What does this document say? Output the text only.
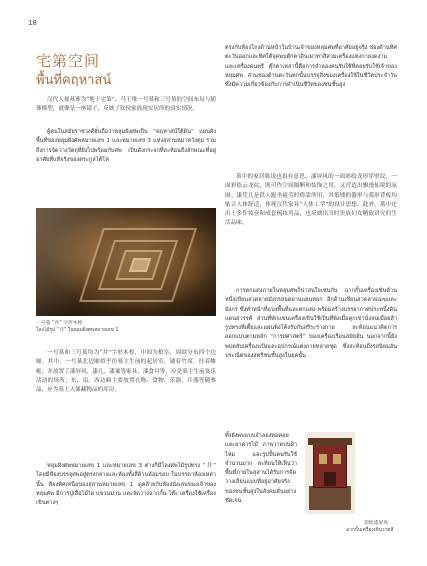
18
宅第空间
พื้นที่คฤหาสน์

汉代人视墓葬为“地下宅第”，马王堆一号墓和三号墓的空间布局与随葬模型，就像是一座镜子，反映了钦侯家族现实居所的真实情况。

ผู้คนในสมัยราชวงศ์ฮั่นถือว่าหลุมฝังศพเป็น “คฤหาสน์ใต้ดิน” แผนผังพื้นที่ของหลุมฝังศพหมายเลข 1 และหมายเลข 3 แห่งสุสานหม่าหวังตุย รวมถึงการจัดวางวัตถุที่ฝังไปพร้อมกับศพ เป็นดั่งกระจกที่สะท้อนถึงลักษณะที่อยู่อาศัยที่แท้จริงของตระกูลไต้โห

一号墓 “井” 字形木椁
โลงไม้รูป “井” ในหลุมฝังศพหมายเลข 1

一号墓和三号墓均为“井”字形木椁，中间为棺室，周围分布四个边厢。其中，一号墓北边厢似乎仿墓主生前的起居室，铺着竹席，挂着帷帐，并放置了漆屏风、漆几、漆案等家具，漆食具等，应是墓主生前宴乐活动的场所；东、南、西边厢主要放置衣物、食物、乐器、兵器等随葬品，应为墓主人储藏物品的库房。

หลุมฝังศพหมายเลข 1 และหมายเลข 3 ต่างก็มีโลงศพไม้รูปทรง “井” โดยมีห้องบรรจุศพอยู่ตรงกลางและห้องทั้งสี่ด้านล้อมรอบ ในบรรดาห้องเหล่านั้น ห้องทิศเหนือของสุสานหมายเลข 1 ดูคล้ายกับห้องนั่งเล่นของเจ้าของหลุมศพ มีการปูเสื่อไม้ไผ่ แขวนม่าน และจัดวางฉากกั้น โต๊ะ เครื่องใช้เครื่องเขินต่างๆ

ตรงกับห้องโถงด้านหน้าในบ้านเจ้าของหลุมศพที่อาศัยอยู่จริง ช่องด้านทิศตะวันออกและทิศใต้จุดพบตุ๊กตาดินเผาทาสีสวมเครื่องแต่งกายงดงามและเครื่องดนตรี ตุ๊กตาเหล่านี้คือการจำลองคนรับใช้ที่คอยรับใช้เจ้าของหลุมศพ ส่วนช่องด้านตะวันตกนั้นบรรจุสิ่งของเครื่องใช้ในชีวิตประจำวัน ซึ่งมีความเกี่ยวข้องกับการดำเนินชีวิตของชนชั้นสูง

墓中的家居陈设也很有意思。漆屏风的一面彩绘龙形穿壁纹，一面彩绘云龙纹，既可作空间隔断和装饰之用，又营造出飘逸仙境的氛围；漆凭几是供人跪坐疲劳时倚靠所用，其低矮的器形与弧形背板均贴合人体舒适，体现汉代家具“人体工学”的设计思想。此外，墓中还出土多件妆奁和成套梳妆用品，也反映出当时贵族妇女精致讲究的生活品味。

การตกแต่งภายในหลุมศพก็น่าสนใจเช่นกัน ฉากกั้นเครื่องเขินด้านหนึ่งเขียนลวดลายมังกรสอดผ่านแผ่นหยก อีกด้านเขียนลวดลายเมฆและมังกร ซึ่งทำหน้าที่แบ่งพื้นที่และตกแต่ง พร้อมสร้างบรรยากาศประหนึ่งดินแดนสวรรค์ ส่วนที่พักแขนเครื่องเขินใช้เป็นที่พิงเมื่อคุกเข่านั่งจนเมื่อยล้า รูปทรงที่เตี้ยและแผ่นพิงโค้งรับกับสรีระร่างกาย สะท้อนแนวคิดการออกแบบตามหลัก “การยศาสตร์” ของเครื่องเรือนสมัยฮั่น นอกจากนี้ยังพบตลับเครื่องแป้งและอุปกรณ์แต่งกายหลายชุด ซึ่งสะท้อนถึงรสนิยมอันประณีตของสตรีชนชั้นสูงในยุคนั้น

ทั้งยังพบแบบจำลองหอคอยและอาคารไม้ ภาพวาดบนผ้าไหม และรูปปั้นคนรับใช้จำนวนมาก สะท้อนให้เห็นว่าพื้นที่ภายในสุสานได้รับการจัดวางเลียนแบบที่อยู่อาศัยจริงของชนชั้นสูงในสังคมฮั่นอย่างชัดเจน

彩绘漆屏风
ฉากกั้นเครื่องเขินวาดสี
